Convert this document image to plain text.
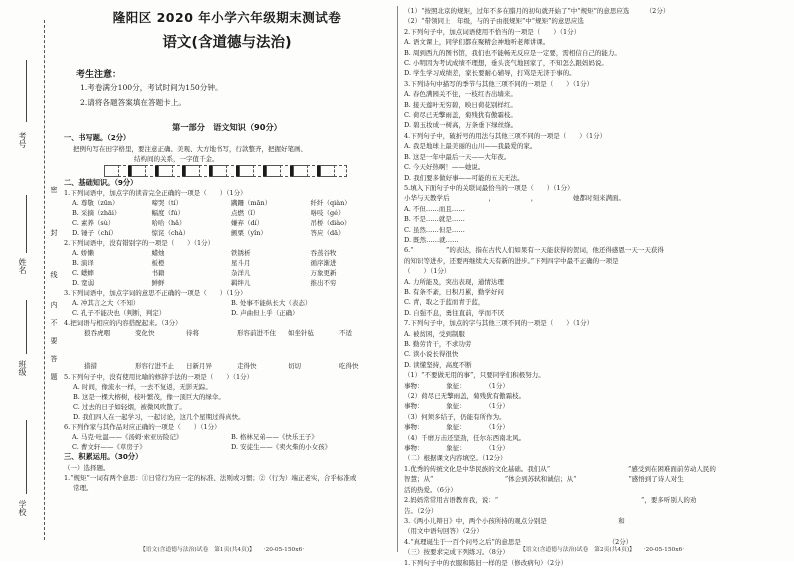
考号
姓名
班级
学校
密
封
线
内
不
要
答
题
隆阳区 2020 年小学六年级期末测试卷
语文(含道德与法治)
考生注意：
1.考卷满分100分，考试时间为150分钟。
2.请将各题答案填在答题卡上。
第一部分　语文知识（90分）
一、书写题。（2分）
把例句写在田字格里，要注意正确、美观、大方地书写，行款整齐，把握好笔画、
结构间的关系，一字值千金。
二、基础知识。（9分）
1.下列词语中，加点字的读音完全正确的一项是（　　）（1分）
A. 尊敬（zūn）	啼哭（tí）	蹒跚（mān）	纤纤（qiàn）
B. 采摘（zhāi）	幅度（fú）	点燃（ǐ）	咯吱（gé）
C. 素养（sù）	哈哈（hǎ）	嫌弃（dí）	吊桥（diào）
D. 锤子（chí）	惊诧（chà）	颤栗（yǐn）	答应（dā）
2.下列词语中，没有错别字的一项是（　　）（1分）
A. 娇懒	蜡烛	铁锈析	吞蒸谷牧
B. 演译	板橙	星斗月	循序渐进
C. 蟋蟀	书籍	杂洋儿	万象更新
D. 宽弱	鲜鲜	羁绊儿	推出不穷
3.下列词语中，加点字词的意思不正确的一项是（　　）（1分）
A. 冲其言之大（不知）	B. 处事不能纵长大（表态）
C. 孔子不能决也（判断，判定）	D. 声曲但上乎（正确）
4.把词语与相应的内容搭配起来。（3分）
狼吞虎咽	变化快	待将	形容前进不住	如坐针毡	不适
措措	形容行进不止	日新月异	走得快	切切	吃得快
5.下列句子中，没有使用比喻的修辞手法的一项是（　　）（1分）
A. 时间，像流水一样，一去不复返，无影无踪。
B. 这是一棵大榕树，枝叶繁茂，像一顶巨大的绿伞。
C. 过去的日子如轻烟，被微风吹散了。
D. 我们四人在一起学习，一起讨论，这几个星期过得真快。
6.下列作家与其作品对应正确的一项是（　　）（1分）
A. 马克·吐温——《汤姆·索亚历险记》	B. 格林兄弟——《快乐王子》
C. 曹文轩——《草房子》	D. 安徒生——《卖火柴的小女孩》
三、积累运用。（30分）
（一）选择题。
1.“规矩”一词有两个意思：①日常行为应一定的标准、法则或习惯；②（行为）端正老实，合乎标准或
常理。
【语文(含道德与法治)试卷　第1页(共4页)】　　·20-05-150x6·
（1）“按照北京的规矩，过年不多在腊月的初旬就开始了”中“规矩”的意思应选　　　（2分）
（2）“带领同上　年级，与的子由很规矩”中“规矩”的意思应选
2.下列句子中，加点词语使用不恰当的一项是（　　）（1分）
A. 语文课上，同学们都在聚精会神地听老师讲课。
B. 周到西九的图书馆，我们也不能畅无反应是一定要，需相信自己的能力。
C. 小明因为考试成绩不理想，垂头丧气地回家了，不知怎么跟妈妈说。
D. 学生学习成绩差，家长要耐心辅导，打骂是无济于事的。
3.下列诗句中描写的季节与其他三项不同的一项是（　　）（1分）
A. 春色满园关不住，一枝红杏出墙来。
B. 接天莲叶无穷碧，映日荷花别样红。
C. 荷尽已无擎雨盖，菊残犹有傲霜枝。
D. 碧玉妆成一树高，万条垂下绿丝绦。
4.下列句子中，破折号的用法与其他三项不同的一项是（　　）（1分）
A. 我是地球上最美丽的山川——我最爱的家。
B. 这是一年中最后一天——大年夜。
C. 今天好热啊！——她说。
D. 我们要多做好事——可能的五天无法。
5.填入下面句子中的关联词最恰当的一项是（　　）（1分）
小华与天教学后　　　　　　，　　　　　　，　　　　　　她都时刻来满面。
A. 不但……而且……
B. 不是……就是……
C. 虽然……但是……
D. 既然……就……
6.“　　　　　”的表达，指在古代人们如果有一天能获得的贺词，他还得感恩一天一天获得
的知识等进步，还要再继续大天有新的进步。”下列四字中最不正确的一项是
（　　）（1分）
A. 力所能及，突出表现，通情达理
B. 有条不紊，日积月累，勤学好问
C. 青，取之于蓝而青于蓝，
D. 自强不息，勇往直前，学而不厌
7.下列句子中，加点的字与其他三项不同的一项是（　　）（1分）
A. 被贫困，受到制服
B. 勤劳肯干，不求功劳
C. 读小说长得很快
D. 读懂坚持，高度不断
（1）“不要做无用的事”，只要同学们积极努力。
事物：　　　　象征：　　　　（1分）
（2）荷尽已无擎雨盖，菊残犹有傲霜枝。
事物：　　　　象征：　　　　（1分）
（3）何须多结子，仍能有所作为。
事物：　　　　象征：　　　　（1分）
（4）千磨万击还坚劲，任尔东西南北风。
事物：　　　　象征：　　　　（1分）
（二）根据课文内容填空。（12分）
1.优秀的传统文化是中华民族的文化基础。我们从“　　　　　　　　　　　　”感受到在困难面前劳动人民的
智慧；从“　　　　　　　　　　　”体会到苏轼和诚信；从“　　　　　　　　”感悟到了诗人对生
活的热爱。（6分）
2.妈妈常常用古语教育我，说：“　　　　　　　　　　　　　　　　　　　　　　”，要多听别人的劝
告。（2分）
3.《两小儿辩日》中，两个小孩所持的观点分别是　　　　　　　　　　　和
（用文中语句回答）（2分）
4.“真理诞生于一百个问号之后”的意思是　　　　　　　　　　　　　　（2分）
（三）按要求完成下列练习。（8分）
1.下列句子中的衣服和陈旧一样的是（修改病句）（2分）
【语文(含道德与法治)试卷　第2页(共4页)】　　·20-05-150x6·
